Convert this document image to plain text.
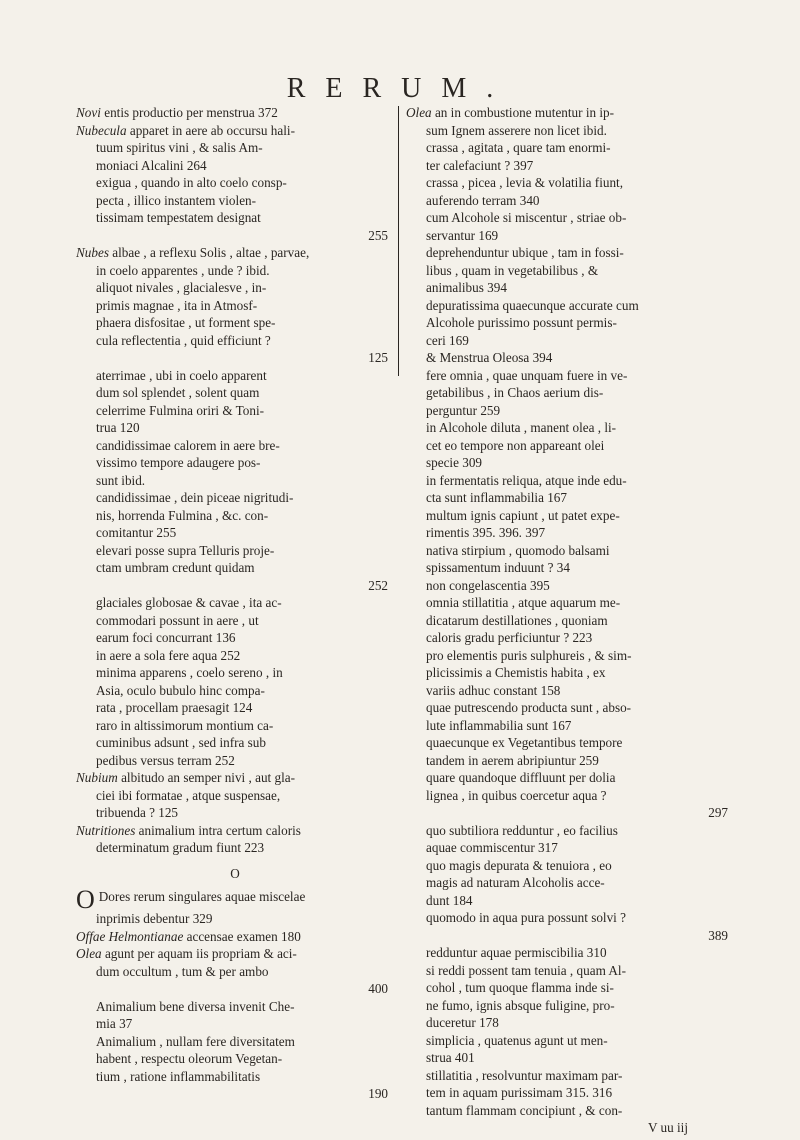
RERUM.
Novi entis productio per menstrua 372
Nubecula apparet in aere ab occursu hali-
tuum spiritus vini , & salis Am-
moniaci Alcalini 264
exigua , quando in alto coelo consp-
pecta , illico instantem violen-
tissimam tempestatem designat
255
Nubes albae , a reflexu Solis , altae , parvae,
in coelo apparentes , unde ? ibid.
aliquot nivales , glacialesve , in-
primis magnae , ita in Atmosf-
phaera disfositae , ut forment spe-
cula reflectentia , quid efficiunt ?
125
aterrimae , ubi in coelo apparent
dum sol splendet , solent quam
celerrime Fulmina oriri & Toni-
trua 120
candidissimae calorem in aere bre-
vissimo tempore adaugere pos-
sunt ibid.
candidissimae , dein piceae nigritudi-
nis, horrenda Fulmina , &c. con-
comitantur 255
elevari posse supra Telluris proje-
ctam umbram credunt quidam
252
glaciales globosae & cavae , ita ac-
commodari possunt in aere , ut
earum foci concurrant 136
in aere a sola fere aqua 252
minima apparens , coelo sereno , in
Asia, oculo bubulo hinc compa-
rata , procellam praesagit 124
raro in altissimorum montium ca-
cuminibus adsunt , sed infra sub
pedibus versus terram 252
Nubium albitudo an semper nivi , aut gla-
ciei ibi formatae , atque suspensae,
tribuenda ? 125
Nutritiones animalium intra certum caloris
determinatum gradum fiunt 223
O
O Dores rerum singulares aquae miscelae
inprimis debentur 329
Offae Helmontianae accensae examen 180
Olea agunt per aquam iis propriam & aci-
dum occultum , tum & per ambo
400
Animalium bene diversa invenit Che-
mia 37
Animalium , nullam fere diversitatem
habent , respectu oleorum Vegetan-
tium , ratione inflammabilitatis
190
Olea an in combustione mutentur in ip-
sum Ignem asserere non licet ibid.
crassa , agitata , quare tam enormi-
ter calefaciunt ? 397
crassa , picea , levia & volatilia fiunt,
auferendo terram 340
cum Alcohole si miscentur , striae ob-
servantur 169
deprehenduntur ubique , tam in fossi-
libus , quam in vegetabilibus , &
animalibus 394
depuratissima quaecunque accurate cum
Alcohole purissimo possunt permis-
ceri 169
& Menstrua Oleosa 394
fere omnia , quae unquam fuere in ve-
getabilibus , in Chaos aerium dis-
perguntur 259
in Alcohole diluta , manent olea , li-
cet eo tempore non appareant olei
specie 309
in fermentatis reliqua, atque inde edu-
cta sunt inflammabilia 167
multum ignis capiunt , ut patet expe-
rimentis 395. 396. 397
nativa stirpium , quomodo balsami
spissamentum induunt ? 34
non congelascentia 395
omnia stillatitia , atque aquarum me-
dicatarum destillationes , quoniam
caloris gradu perficiuntur ? 223
pro elementis puris sulphureis , & sim-
plicissimis a Chemistis habita , ex
variis adhuc constant 158
quae putrescendo producta sunt , abso-
lute inflammabilia sunt 167
quaecunque ex Vegetantibus tempore
tandem in aerem abripiuntur 259
quare quandoque diffluunt per dolia
lignea , in quibus coercetur aqua ?
297
quo subtiliora redduntur , eo facilius
aquae commiscentur 317
quo magis depurata & tenuiora , eo
magis ad naturam Alcoholis acce-
dunt 184
quomodo in aqua pura possunt solvi ?
389
redduntur aquae permiscibilia 310
si reddi possent tam tenuia , quam Al-
cohol , tum quoque flamma inde si-
ne fumo, ignis absque fuligine, pro-
duceretur 178
simplicia , quatenus agunt ut men-
strua 401
stillatitia , resolvuntur maximam par-
tem in aquam purissimam 315. 316
tantum flammam concipiunt , & con-
V uu iij
